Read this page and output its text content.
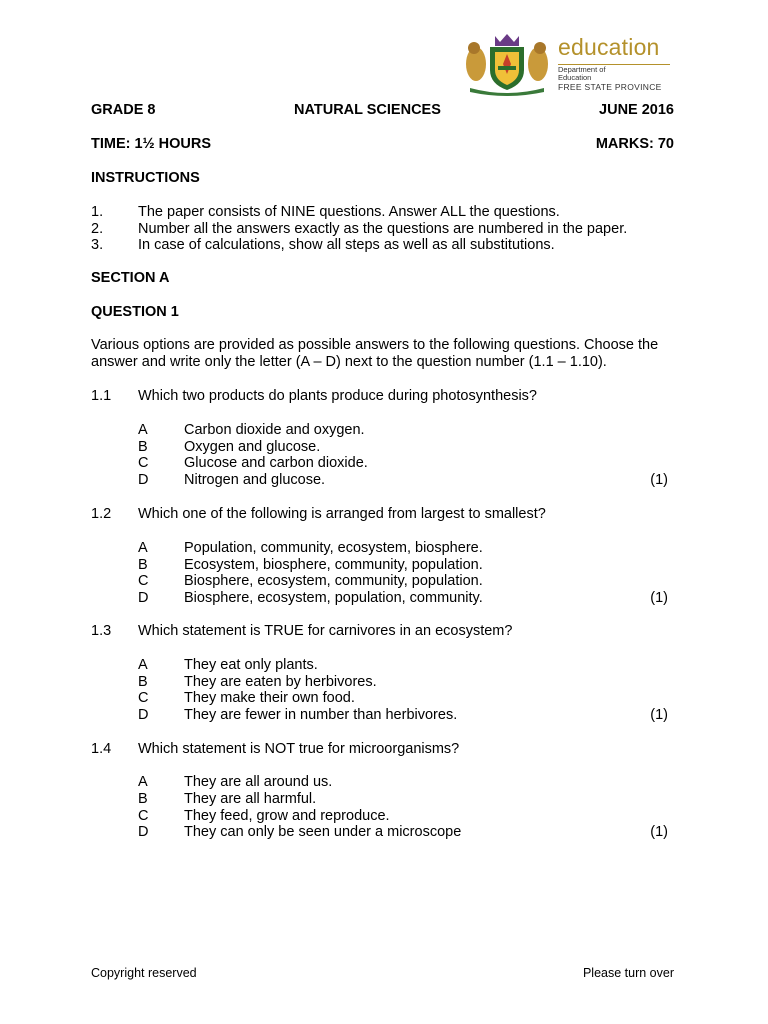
education
Department of
Education
FREE STATE PROVINCE
GRADE 8	NATURAL SCIENCES	JUNE 2016
TIME: 1½ HOURS	MARKS: 70
INSTRUCTIONS
1. The paper consists of NINE questions. Answer ALL the questions.
2. Number all the answers exactly as the questions are numbered in the paper.
3. In case of calculations, show all steps as well as all substitutions.
SECTION A
QUESTION 1
Various options are provided as possible answers to the following questions. Choose the answer and write only the letter (A – D) next to the question number (1.1 – 1.10).
1.1 Which two products do plants produce during photosynthesis?
A	Carbon dioxide and oxygen.
B	Oxygen and glucose.
C Glucose and carbon dioxide.
D Nitrogen and glucose.	(1)
1.2 Which one of the following is arranged from largest to smallest?
A	Population, community, ecosystem, biosphere.
B	Ecosystem, biosphere, community, population.
C Biosphere, ecosystem, community, population.
D Biosphere, ecosystem, population, community.	(1)
1.3 Which statement is TRUE for carnivores in an ecosystem?
A	They eat only plants.
B	They are eaten by herbivores.
C They make their own food.
D They are fewer in number than herbivores.	(1)
1.4 Which statement is NOT true for microorganisms?
A	They are all around us.
B	They are all harmful.
C They feed, grow and reproduce.
D They can only be seen under a microscope	(1)
Copyright reserved	Please turn over
